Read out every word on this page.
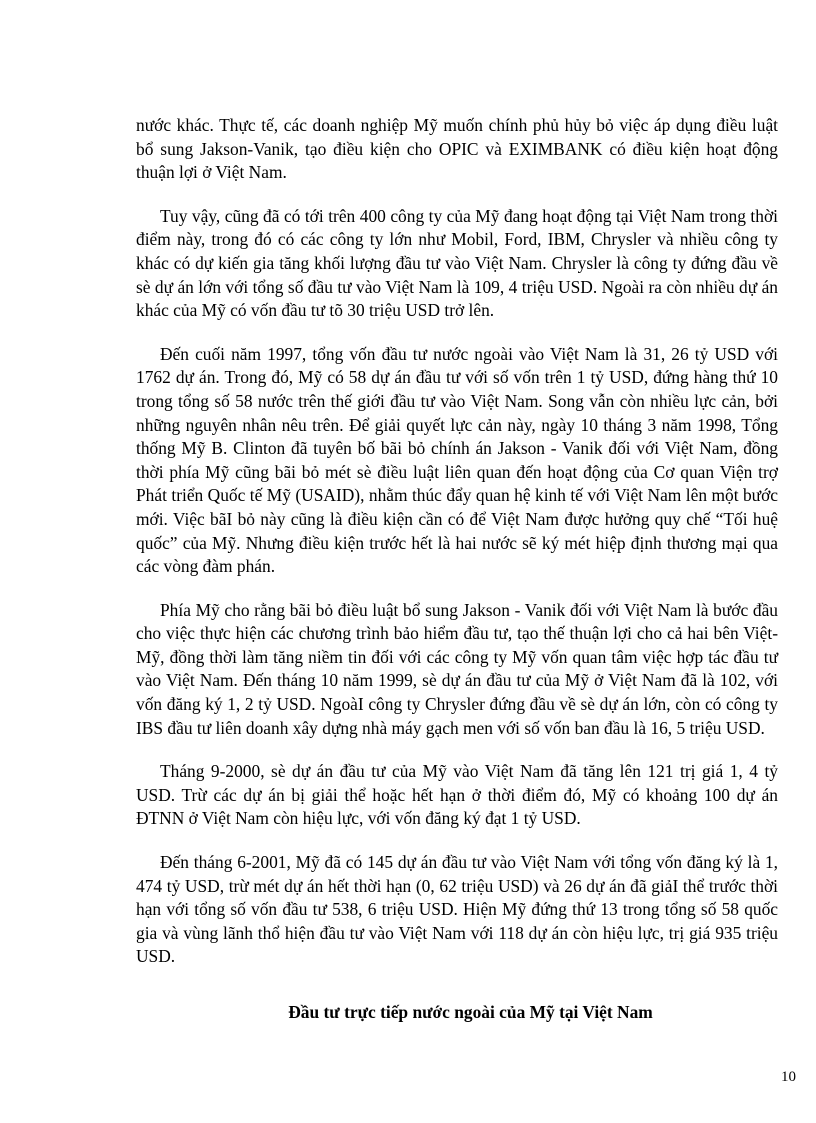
nước khác. Thực tế, các doanh nghiệp Mỹ muốn chính phủ hủy bỏ việc áp dụng điều luật bổ sung Jakson-Vanik, tạo điều kiện cho OPIC và EXIMBANK có điều kiện hoạt động thuận lợi ở Việt Nam.

Tuy vậy, cũng đã có tới trên 400 công ty của Mỹ đang hoạt động tại Việt Nam trong thời điểm này, trong đó có các công ty lớn như Mobil, Ford, IBM, Chrysler và nhiều công ty khác có dự kiến gia tăng khối lượng đầu tư vào Việt Nam. Chrysler là công ty đứng đầu về sè dự án lớn với tổng số đầu tư vào Việt Nam là 109, 4 triệu USD. Ngoài ra còn nhiều dự án khác của Mỹ có vốn đầu tư tõ 30 triệu USD trở lên.

Đến cuối năm 1997, tổng vốn đầu tư nước ngoài vào Việt Nam là 31, 26 tỷ USD với 1762 dự án. Trong đó, Mỹ có 58 dự án đầu tư với số vốn trên 1 tỷ USD, đứng hàng thứ 10 trong tổng số 58 nước trên thế giới đầu tư vào Việt Nam. Song vẫn còn nhiều lực cản, bởi những nguyên nhân nêu trên. Để giải quyết lực cản này, ngày 10 tháng 3 năm 1998, Tổng thống Mỹ B. Clinton đã tuyên bố bãi bỏ chính án Jakson - Vanik đối với Việt Nam, đồng thời phía Mỹ cũng bãi bỏ mét sè điều luật liên quan đến hoạt động của Cơ quan Viện trợ Phát triển Quốc tế Mỹ (USAID), nhằm thúc đẩy quan hệ kinh tế với Việt Nam lên một bước mới. Việc bãI bỏ này cũng là điều kiện cần có để Việt Nam được hưởng quy chế “Tối huệ quốc” của Mỹ. Nhưng điều kiện trước hết là hai nước sẽ ký mét hiệp định thương mại qua các vòng đàm phán.

Phía Mỹ cho rằng bãi bỏ điều luật bổ sung Jakson - Vanik đối với Việt Nam là bước đầu cho việc thực hiện các chương trình bảo hiểm đầu tư, tạo thế thuận lợi cho cả hai bên Việt-Mỹ, đồng thời làm tăng niềm tin đối với các công ty Mỹ vốn quan tâm việc hợp tác đầu tư vào Việt Nam. Đến tháng 10 năm 1999, sè dự án đầu tư của Mỹ ở Việt Nam đã là 102, với vốn đăng ký 1, 2 tỷ USD. NgoàI công ty Chrysler đứng đầu về sè dự án lớn, còn có công ty IBS đầu tư liên doanh xây dựng nhà máy gạch men với số vốn ban đầu là 16, 5 triệu USD.

Tháng 9-2000, sè dự án đầu tư của Mỹ vào Việt Nam đã tăng lên 121 trị giá 1, 4 tỷ USD. Trừ các dự án bị giải thể hoặc hết hạn ở thời điểm đó, Mỹ có khoảng 100 dự án ĐTNN ở Việt Nam còn hiệu lực, với vốn đăng ký đạt 1 tỷ USD.

Đến tháng 6-2001, Mỹ đã có 145 dự án đầu tư vào Việt Nam với tổng vốn đăng ký là 1, 474 tỷ USD, trừ mét dự án hết thời hạn (0, 62 triệu USD) và 26 dự án đã giảI thể trước thời hạn với tổng số vốn đầu tư 538, 6 triệu USD. Hiện Mỹ đứng thứ 13 trong tổng số 58 quốc gia và vùng lãnh thổ hiện đầu tư vào Việt Nam với 118 dự án còn hiệu lực, trị giá 935 triệu USD.

Đầu tư trực tiếp nước ngoài của Mỹ tại Việt Nam
10
